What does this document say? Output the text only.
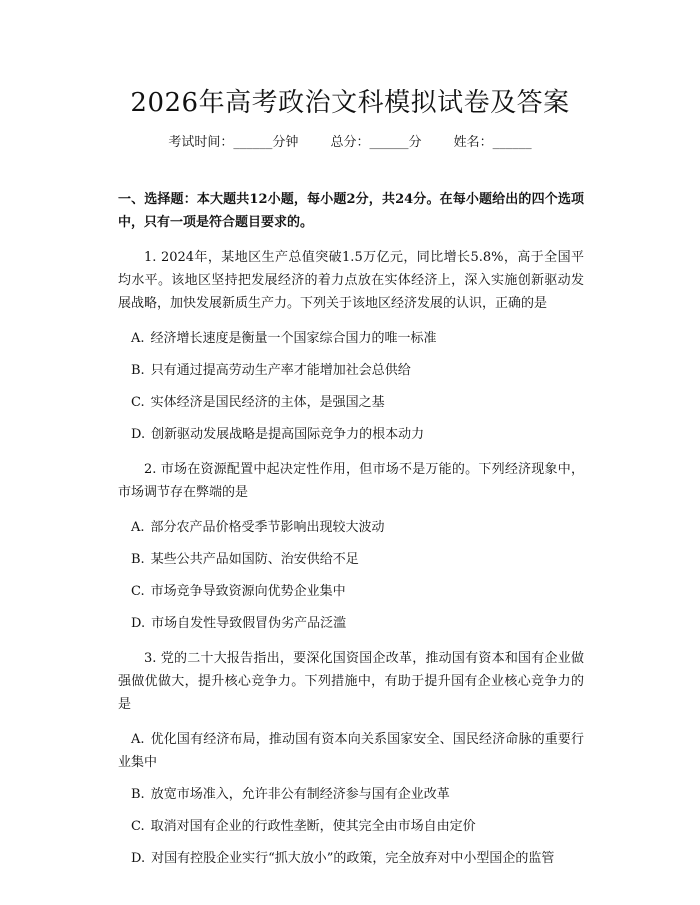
2026年高考政治文科模拟试卷及答案
考试时间：______分钟 总分：______分 姓名：______

一、选择题：本大题共12小题，每小题2分，共24分。在每小题给出的四个选项中，只有一项是符合题目要求的。

1. 2024年，某地区生产总值突破1.5万亿元，同比增长5.8%，高于全国平均水平。该地区坚持把发展经济的着力点放在实体经济上，深入实施创新驱动发展战略，加快发展新质生产力。下列关于该地区经济发展的认识，正确的是

A. 经济增长速度是衡量一个国家综合国力的唯一标准

B. 只有通过提高劳动生产率才能增加社会总供给

C. 实体经济是国民经济的主体，是强国之基

D. 创新驱动发展战略是提高国际竞争力的根本动力

2. 市场在资源配置中起决定性作用，但市场不是万能的。下列经济现象中，市场调节存在弊端的是

A. 部分农产品价格受季节影响出现较大波动

B. 某些公共产品如国防、治安供给不足

C. 市场竞争导致资源向优势企业集中

D. 市场自发性导致假冒伪劣产品泛滥

3. 党的二十大报告指出，要深化国资国企改革，推动国有资本和国有企业做强做优做大，提升核心竞争力。下列措施中，有助于提升国有企业核心竞争力的是

A. 优化国有经济布局，推动国有资本向关系国家安全、国民经济命脉的重要行业集中

B. 放宽市场准入，允许非公有制经济参与国有企业改革

C. 取消对国有企业的行政性垄断，使其完全由市场自由定价

D. 对国有控股企业实行“抓大放小”的政策，完全放弃对中小型国企的监管
